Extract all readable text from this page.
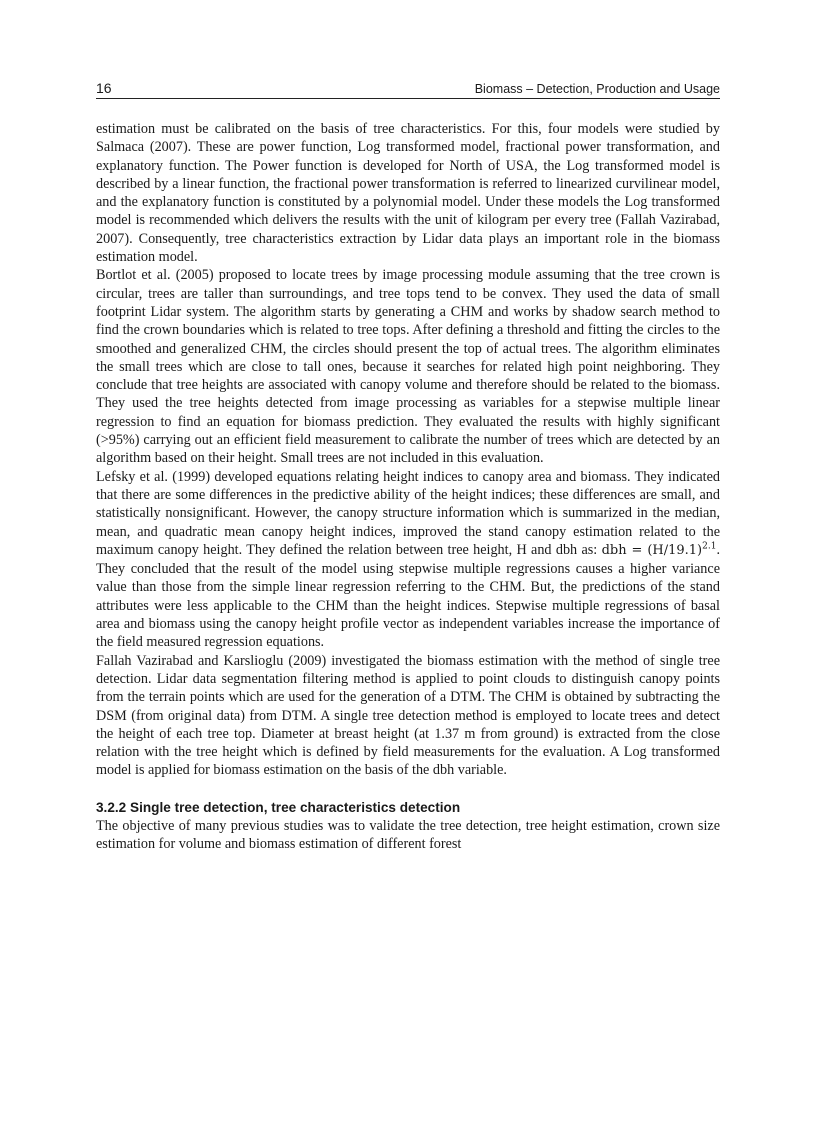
16	Biomass – Detection, Production and Usage

estimation must be calibrated on the basis of tree characteristics. For this, four models were studied by Salmaca (2007). These are power function, Log transformed model, fractional power transformation, and explanatory function. The Power function is developed for North of USA, the Log transformed model is described by a linear function, the fractional power transformation is referred to linearized curvilinear model, and the explanatory function is constituted by a polynomial model. Under these models the Log transformed model is recommended which delivers the results with the unit of kilogram per every tree (Fallah Vazirabad, 2007). Consequently, tree characteristics extraction by Lidar data plays an important role in the biomass estimation model.

Bortlot et al. (2005) proposed to locate trees by image processing module assuming that the tree crown is circular, trees are taller than surroundings, and tree tops tend to be convex. They used the data of small footprint Lidar system. The algorithm starts by generating a CHM and works by shadow search method to find the crown boundaries which is related to tree tops. After defining a threshold and fitting the circles to the smoothed and generalized CHM, the circles should present the top of actual trees. The algorithm eliminates the small trees which are close to tall ones, because it searches for related high point neighboring. They conclude that tree heights are associated with canopy volume and therefore should be related to the biomass. They used the tree heights detected from image processing as variables for a stepwise multiple linear regression to find an equation for biomass prediction. They evaluated the results with highly significant (>95%) carrying out an efficient field measurement to calibrate the number of trees which are detected by an algorithm based on their height. Small trees are not included in this evaluation.

Lefsky et al. (1999) developed equations relating height indices to canopy area and biomass. They indicated that there are some differences in the predictive ability of the height indices; these differences are small, and statistically nonsignificant. However, the canopy structure information which is summarized in the median, mean, and quadratic mean canopy height indices, improved the stand canopy estimation related to the maximum canopy height. They defined the relation between tree height, H and dbh as: dbh = $(H/19.1)^{2.1}$. They concluded that the result of the model using stepwise multiple regressions causes a higher variance value than those from the simple linear regression referring to the CHM. But, the predictions of the stand attributes were less applicable to the CHM than the height indices. Stepwise multiple regressions of basal area and biomass using the canopy height profile vector as independent variables increase the importance of the field measured regression equations.

Fallah Vazirabad and Karslioglu (2009) investigated the biomass estimation with the method of single tree detection. Lidar data segmentation filtering method is applied to point clouds to distinguish canopy points from the terrain points which are used for the generation of a DTM. The CHM is obtained by subtracting the DSM (from original data) from DTM. A single tree detection method is employed to locate trees and detect the height of each tree top. Diameter at breast height (at 1.37 m from ground) is extracted from the close relation with the tree height which is defined by field measurements for the evaluation. A Log transformed model is applied for biomass estimation on the basis of the dbh variable.

3.2.2 Single tree detection, tree characteristics detection

The objective of many previous studies was to validate the tree detection, tree height estimation, crown size estimation for volume and biomass estimation of different forest
